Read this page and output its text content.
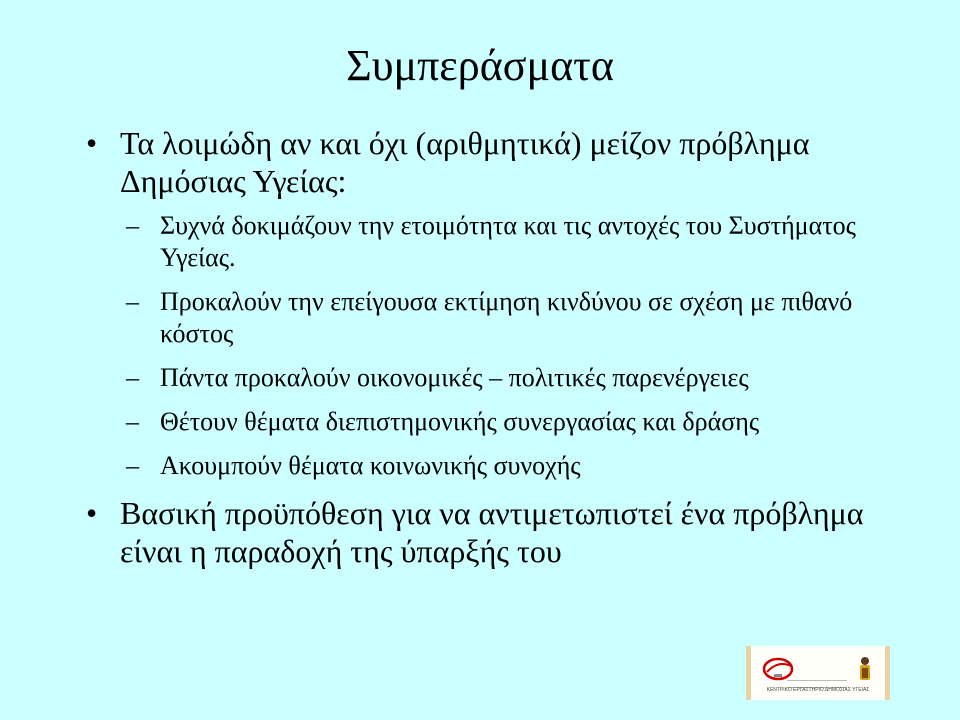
Συμπεράσματα
• Τα λοιμώδη αν και όχι (αριθμητικά) μείζον πρόβλημα Δημόσιας Υγείας:
– Συχνά δοκιμάζουν την ετοιμότητα και τις αντοχές του Συστήματος Υγείας.
– Προκαλούν την επείγουσα εκτίμηση κινδύνου σε σχέση με πιθανό κόστος
– Πάντα προκαλούν οικονομικές – πολιτικές παρενέργειες
– Θέτουν θέματα διεπιστημονικής συνεργασίας και δράσης
– Ακουμπούν θέματα κοινωνικής συνοχής
• Βασική προϋπόθεση για να αντιμετωπιστεί ένα πρόβλημα είναι η παραδοχή της ύπαρξής του
ΚΕΝΤΡΙΚΟ ΕΡΓΑΣΤΗΡΙΟ ΔΗΜΟΣΙΑΣ ΥΓΕΙΑΣ
